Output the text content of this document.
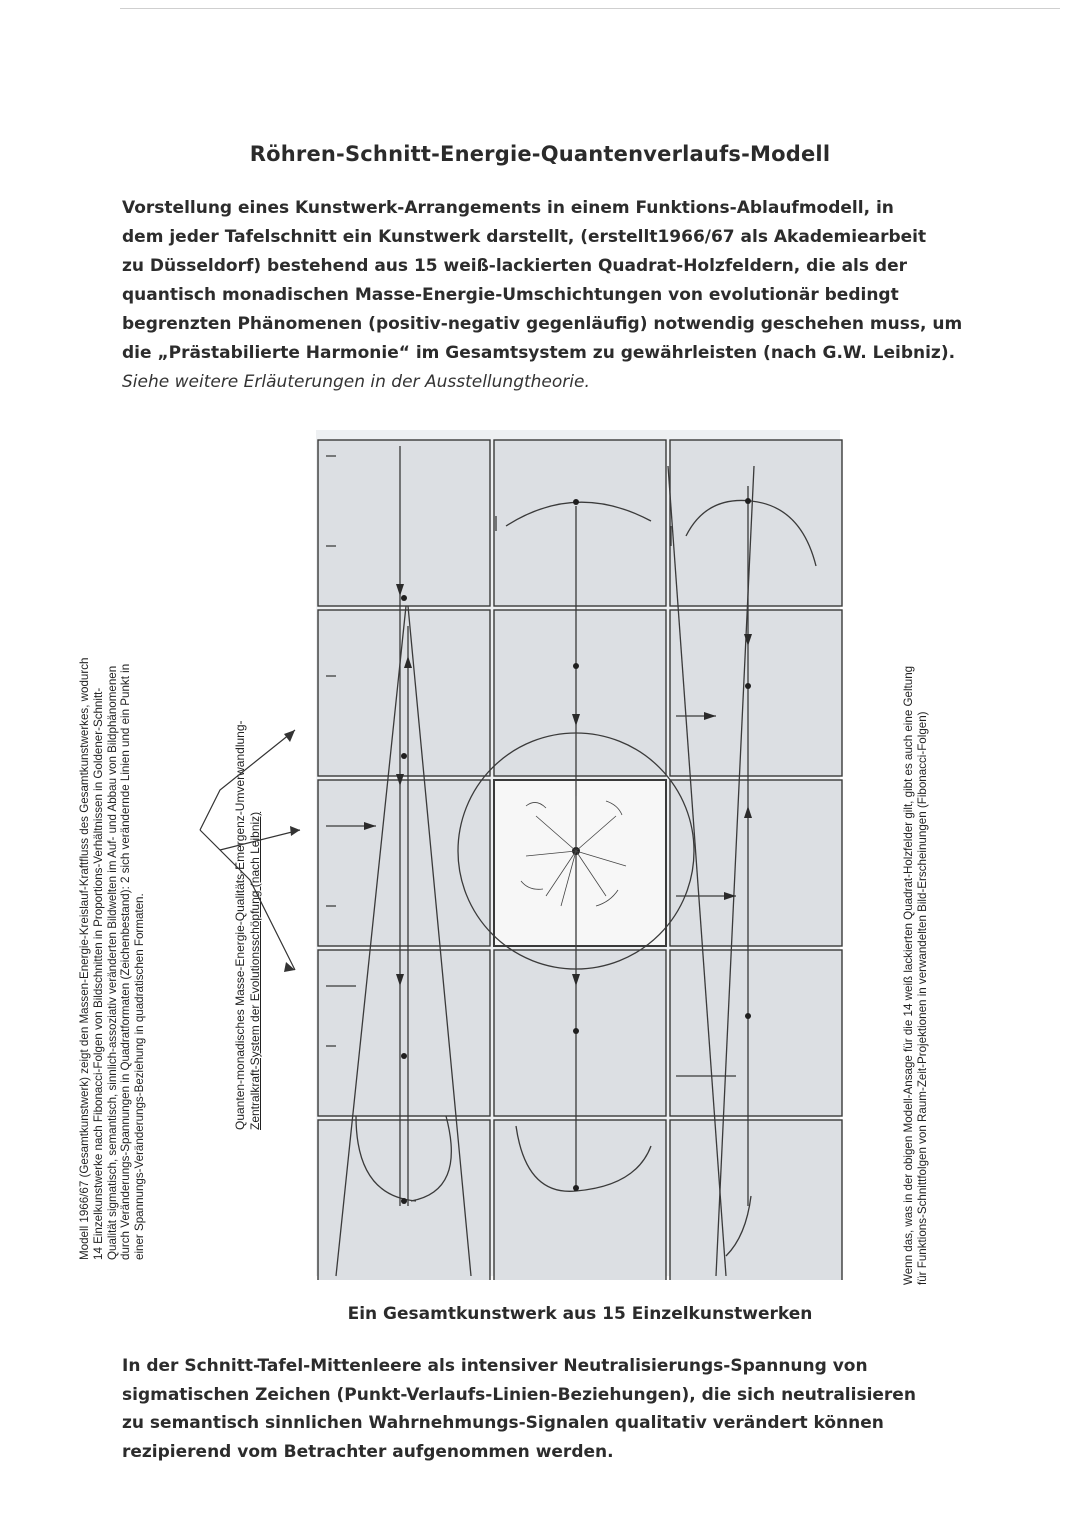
Röhren-Schnitt-Energie-Quantenverlaufs-Modell
Vorstellung eines Kunstwerk-Arrangements in einem Funktions-Ablaufmodell, in
dem jeder Tafelschnitt ein Kunstwerk darstellt, (erstellt1966/67 als Akademiearbeit
zu Düsseldorf) bestehend aus 15 weiß-lackierten Quadrat-Holzfeldern, die als der
quantisch monadischen Masse-Energie-Umschichtungen von evolutionär bedingt
begrenzten Phänomenen (positiv-negativ gegenläufig) notwendig geschehen muss, um
die „Prästabilierte Harmonie“ im Gesamtsystem zu gewährleisten (nach G.W. Leibniz).
Siehe weitere Erläuterungen in der Ausstellungtheorie.
Modell 1966/67 (Gesamtkunstwerk) zeigt den Massen-Energie-Kreislauf-Kraftfluss des Gesamtkunstwerkes, wodurch 14 Einzelkunstwerke nach Fibonacci-Folgen von Bildschnitten in Proportions-Verhältnissen in Goldener-Schnitt- Qualität sigmatisch, semantisch, sinnlich-assoziativ veränderten Bildwelten im Auf- und Abbau von Bildphänomenen durch Veränderungs-Spannungen in Quadratformaten (Zeichenbestand): 2 sich verändernde Linien und ein Punkt in einer Spannungs-Veränderungs-Beziehung in quadratischen Formaten.	Quanten-monadisches Masse-Energie-Qualitäts-Emergenz-Umverwandlung- Zentralkraft-System der Evolutionsschöpfung (nach Leibniz)	Wenn das, was in der obigen Modell-Ansage für die 14 weiß lackierten Quadrat-Holzfelder gilt, gibt es auch eine Geltung für Funktions-Schnittfolgen von Raum-Zeit-Projektionen in verwandelten Bild-Erscheinungen (Fibonacci-Folgen)
Ein Gesamtkunstwerk aus 15 Einzelkunstwerken
In der Schnitt-Tafel-Mittenleere als intensiver Neutralisierungs-Spannung von
sigmatischen Zeichen (Punkt-Verlaufs-Linien-Beziehungen), die sich neutralisieren
zu semantisch sinnlichen Wahrnehmungs-Signalen qualitativ verändert können
rezipierend vom Betrachter aufgenommen werden.
